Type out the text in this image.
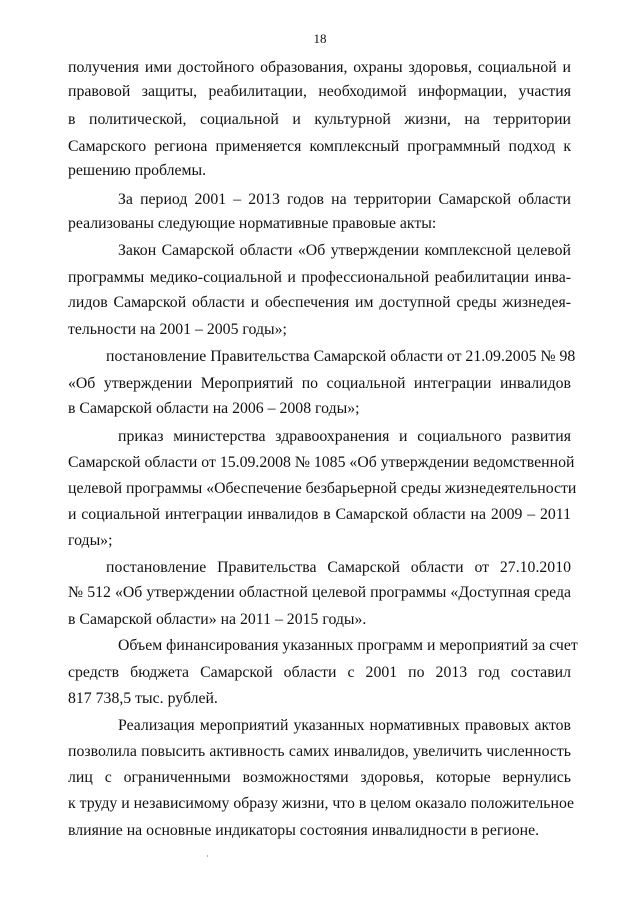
18
получения ими достойного образования, охраны здоровья, социальной и
правовой защиты, реабилитации, необходимой информации, участия
в политической, социальной и культурной жизни, на территории
Самарского региона применяется комплексный программный подход к
решению проблемы.
За период 2001 – 2013 годов на территории Самарской области
реализованы следующие нормативные правовые акты:
Закон Самарской области «Об утверждении комплексной целевой
программы медико-социальной и профессиональной реабилитации инва-
лидов Самарской области и обеспечения им доступной среды жизнедея-
тельности на 2001 – 2005 годы»;
постановление Правительства Самарской области от 21.09.2005 № 98
«Об утверждении Мероприятий по социальной интеграции инвалидов
в Самарской области на 2006 – 2008 годы»;
приказ министерства здравоохранения и социального развития
Самарской области от 15.09.2008 № 1085 «Об утверждении ведомственной
целевой программы «Обеспечение безбарьерной среды жизнедеятельности
и социальной интеграции инвалидов в Самарской области на 2009 – 2011
годы»;
постановление Правительства Самарской области от 27.10.2010
№ 512 «Об утверждении областной целевой программы «Доступная среда
в Самарской области» на 2011 – 2015 годы».
Объем финансирования указанных программ и мероприятий за счет
средств бюджета Самарской области с 2001 по 2013 год составил
817 738,5 тыс. рублей.
Реализация мероприятий указанных нормативных правовых актов
позволила повысить активность самих инвалидов, увеличить численность
лиц с ограниченными возможностями здоровья, которые вернулись
к труду и независимому образу жизни, что в целом оказало положительное
влияние на основные индикаторы состояния инвалидности в регионе.
